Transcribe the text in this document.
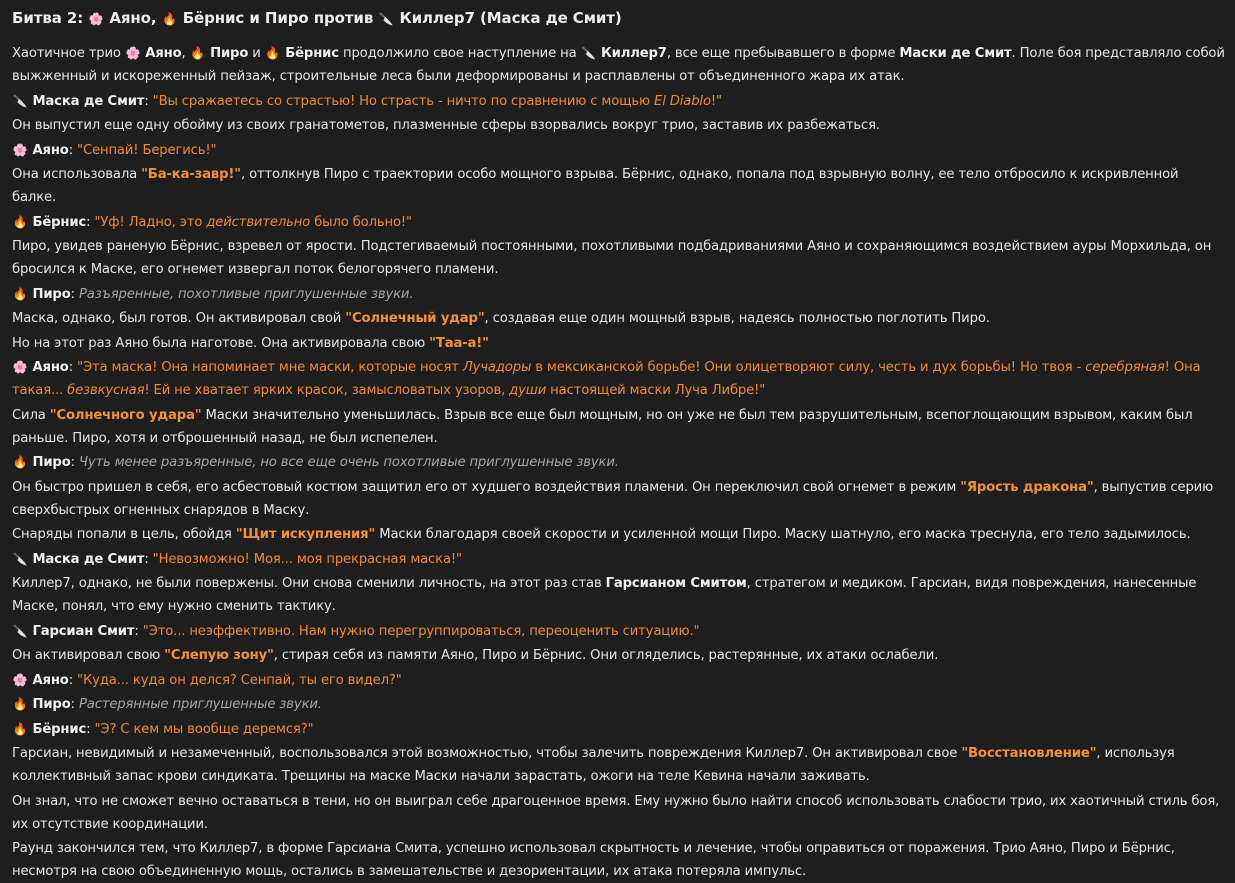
Битва 2: 🌸 Аяно, 🔥 Бёрнис и Пиро против 🔪 Киллер7 (Маска де Смит)

Хаотичное трио 🌸 Аяно, 🔥 Пиро и 🔥 Бёрнис продолжило свое наступление на 🔪 Киллер7, все еще пребывавшего в форме Маски де Смит. Поле боя представляло собой выжженный и искореженный пейзаж, строительные леса были деформированы и расплавлены от объединенного жара их атак.

🔪 Маска де Смит: "Вы сражаетесь со страстью! Но страсть - ничто по сравнению с мощью El Diablo!"

Он выпустил еще одну обойму из своих гранатометов, плазменные сферы взорвались вокруг трио, заставив их разбежаться.

🌸 Аяно: "Сенпай! Берегись!"

Она использовала "Ба-ка-завр!", оттолкнув Пиро с траектории особо мощного взрыва. Бёрнис, однако, попала под взрывную волну, ее тело отбросило к искривленной балке.

🔥 Бёрнис: "Уф! Ладно, это действительно было больно!"

Пиро, увидев раненую Бёрнис, взревел от ярости. Подстегиваемый постоянными, похотливыми подбадриваниями Аяно и сохраняющимся воздействием ауры Морхильда, он бросился к Маске, его огнемет извергал поток белогорячего пламени.

🔥 Пиро: Разъяренные, похотливые приглушенные звуки.

Маска, однако, был готов. Он активировал свой "Солнечный удар", создавая еще один мощный взрыв, надеясь полностью поглотить Пиро.

Но на этот раз Аяно была наготове. Она активировала свою "Таа-а!"

🌸 Аяно: "Эта маска! Она напоминает мне маски, которые носят Лучадоры в мексиканской борьбе! Они олицетворяют силу, честь и дух борьбы! Но твоя - серебряная! Она такая... безвкусная! Ей не хватает ярких красок, замысловатых узоров, души настоящей маски Луча Либре!"

Сила "Солнечного удара" Маски значительно уменьшилась. Взрыв все еще был мощным, но он уже не был тем разрушительным, всепоглощающим взрывом, каким был раньше. Пиро, хотя и отброшенный назад, не был испепелен.

🔥 Пиро: Чуть менее разъяренные, но все еще очень похотливые приглушенные звуки.

Он быстро пришел в себя, его асбестовый костюм защитил его от худшего воздействия пламени. Он переключил свой огнемет в режим "Ярость дракона", выпустив серию сверхбыстрых огненных снарядов в Маску.

Снаряды попали в цель, обойдя "Щит искупления" Маски благодаря своей скорости и усиленной мощи Пиро. Маску шатнуло, его маска треснула, его тело задымилось.

🔪 Маска де Смит: "Невозможно! Моя... моя прекрасная маска!"

Киллер7, однако, не были повержены. Они снова сменили личность, на этот раз став Гарсианом Смитом, стратегом и медиком. Гарсиан, видя повреждения, нанесенные Маске, понял, что ему нужно сменить тактику.

🔪 Гарсиан Смит: "Это... неэффективно. Нам нужно перегруппироваться, переоценить ситуацию."

Он активировал свою "Слепую зону", стирая себя из памяти Аяно, Пиро и Бёрнис. Они огляделись, растерянные, их атаки ослабели.

🌸 Аяно: "Куда... куда он делся? Сенпай, ты его видел?"

🔥 Пиро: Растерянные приглушенные звуки.

🔥 Бёрнис: "Э? С кем мы вообще деремся?"

Гарсиан, невидимый и незамеченный, воспользовался этой возможностью, чтобы залечить повреждения Киллер7. Он активировал свое "Восстановление", используя коллективный запас крови синдиката. Трещины на маске Маски начали зарастать, ожоги на теле Кевина начали заживать.

Он знал, что не сможет вечно оставаться в тени, но он выиграл себе драгоценное время. Ему нужно было найти способ использовать слабости трио, их хаотичный стиль боя, их отсутствие координации.

Раунд закончился тем, что Киллер7, в форме Гарсиана Смита, успешно использовал скрытность и лечение, чтобы оправиться от поражения. Трио Аяно, Пиро и Бёрнис, несмотря на свою объединенную мощь, остались в замешательстве и дезориентации, их атака потеряла импульс.
